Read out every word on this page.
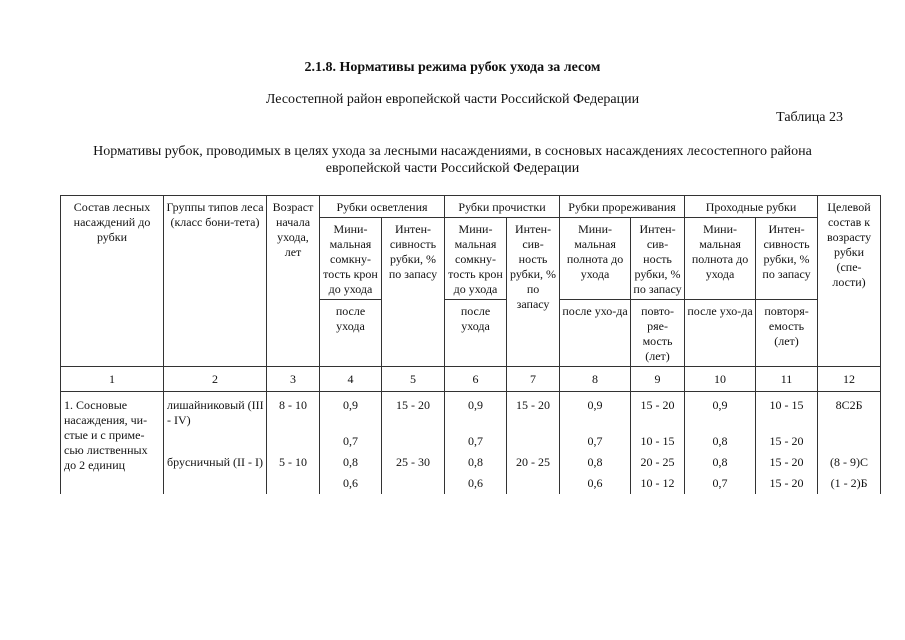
2.1.8. Нормативы режима рубок ухода за лесом
Лесостепной район европейской части Российской Федерации
Таблица 23
Нормативы рубок, проводимых в целях ухода за лесными насаждениями, в сосновых насаждениях лесостепного района
европейской части Российской Федерации
Состав лесных насаждений до рубки	Группы типов леса (класс бони-тета)	Возраст начала ухода, лет	Рубки осветления		Рубки прочистки		Рубки прореживания		Проходные рубки		Целевой состав к возрасту рубки (спе-лости)
			Мини-мальная сомкну-тость крон до ухода	Интен-сивность рубки, % по запасу	Мини-мальная сомкну-тость крон до ухода	Интен-сив-ность рубки, % по запасу	Мини-мальная полнота до ухода	Интен-сив-ность рубки, % по запасу	Мини-мальная полнота до ухода	Интен-сивность рубки, % по запасу	
			после ухода		после ухода		после ухо-да	повто-ряе-мость (лет)	после ухо-да	повторя-емость (лет)	
1	2	3	4	5	6	7	8	9	10	11	12
1. Сосновые насаждения, чи-стые и с приме-сью лиственных до 2 единиц	лишайниковый (III - IV)	8 - 10	0,9	15 - 20	0,9	15 - 20	0,9	15 - 20	0,9	10 - 15	8С2Б
			0,7		0,7		0,7	10 - 15	0,8	15 - 20	
	брусничный (II - I)	5 - 10	0,8	25 - 30	0,8	20 - 25	0,8	20 - 25	0,8	15 - 20	(8 - 9)С
			0,6		0,6		0,6	10 - 12	0,7	15 - 20	(1 - 2)Б
